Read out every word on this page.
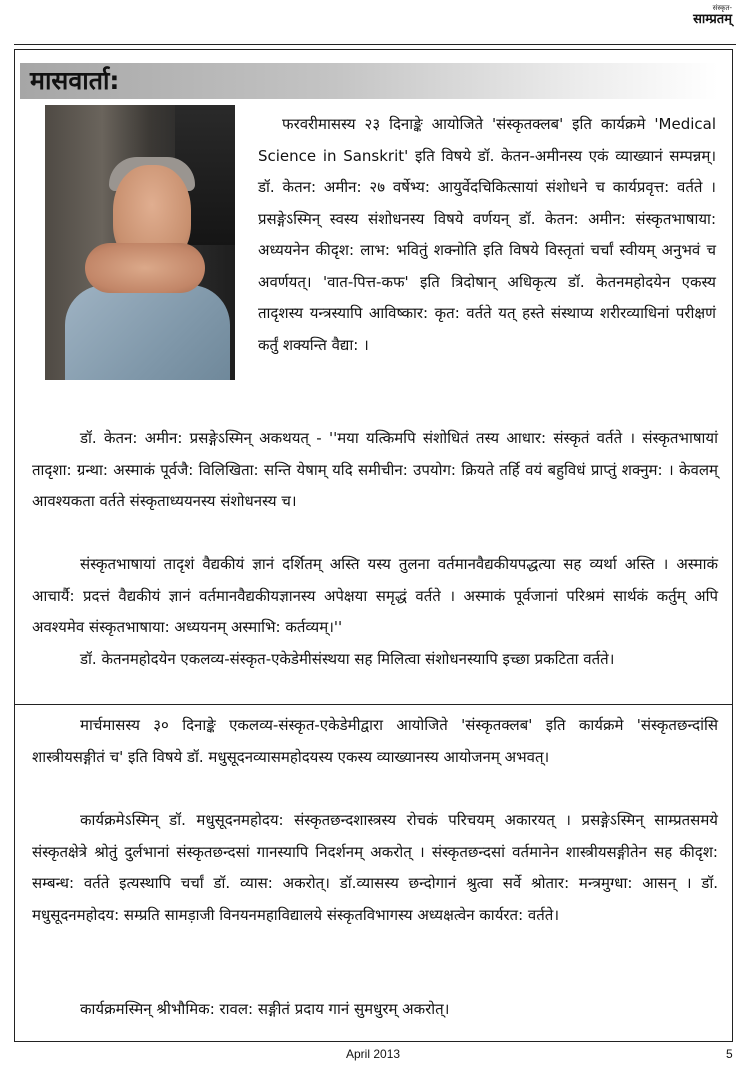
संस्कृत-
साम्प्रतम्
मासवार्ता:

फरवरीमासस्य २३ दिनाङ्के आयोजिते 'संस्कृतक्लब' इति कार्यक्रमे 'Medical Science in Sanskrit' इति विषये डॉ. केतन-अमीनस्य एकं व्याख्यानं सम्पन्नम्। डॉ. केतन: अमीन: २७ वर्षेभ्य: आयुर्वेदचिकित्सायां संशोधने च कार्यप्रवृत्त: वर्तते । प्रसङ्गेऽस्मिन् स्वस्य संशोधनस्य विषये वर्णयन् डॉ. केतन: अमीन: संस्कृतभाषाया: अध्ययनेन कीदृश: लाभ: भवितुं शक्नोति इति विषये विस्तृतां चर्चां स्वीयम् अनुभवं च अवर्णयत्। 'वात-पित्त-कफ' इति त्रिदोषान् अधिकृत्य डॉ. केतनमहोदयेन एकस्य तादृशस्य यन्त्रस्यापि आविष्कार: कृत: वर्तते यत् हस्ते संस्थाप्य शरीरव्याधिनां परीक्षणं कर्तुं शक्यन्ति वैद्या: ।

डॉ. केतन: अमीन: प्रसङ्गेऽस्मिन् अकथयत् - ''मया यत्किमपि संशोधितं तस्य आधार: संस्कृतं वर्तते । संस्कृतभाषायां तादृशा: ग्रन्था: अस्माकं पूर्वजै: विलिखिता: सन्ति येषाम् यदि समीचीन: उपयोग: क्रियते तर्हि वयं बहुविधं प्राप्तुं शक्नुम: । केवलम् आवश्यकता वर्तते संस्कृताध्ययनस्य संशोधनस्य च।

संस्कृतभाषायां तादृशं वैद्यकीयं ज्ञानं दर्शितम् अस्ति यस्य तुलना वर्तमानवैद्यकीयपद्धत्या सह व्यर्था अस्ति । अस्माकं आचार्यै: प्रदत्तं वैद्यकीयं ज्ञानं वर्तमानवैद्यकीयज्ञानस्य अपेक्षया समृद्धं वर्तते । अस्माकं पूर्वजानां परिश्रमं सार्थकं कर्तुम् अपि अवश्यमेव संस्कृतभाषाया: अध्ययनम् अस्माभि: कर्तव्यम्।''

डॉ. केतनमहोदयेन एकलव्य-संस्कृत-एकेडेमीसंस्थया सह मिलित्वा संशोधनस्यापि इच्छा प्रकटिता वर्तते।

मार्चमासस्य ३० दिनाङ्के एकलव्य-संस्कृत-एकेडेमीद्वारा आयोजिते 'संस्कृतक्लब' इति कार्यक्रमे 'संस्कृतछन्दांसि शास्त्रीयसङ्गीतं च' इति विषये डॉ. मधुसूदनव्यासमहोदयस्य एकस्य व्याख्यानस्य आयोजनम् अभवत्।

कार्यक्रमेऽस्मिन् डॉ. मधुसूदनमहोदय: संस्कृतछन्दशास्त्रस्य रोचकं परिचयम् अकारयत् । प्रसङ्गेऽस्मिन् साम्प्रतसमये संस्कृतक्षेत्रे श्रोतुं दुर्लभानां संस्कृतछन्दसां गानस्यापि निदर्शनम् अकरोत् । संस्कृतछन्दसां वर्तमानेन शास्त्रीयसङ्गीतेन सह कीदृश: सम्बन्ध: वर्तते इत्यस्थापि चर्चां डॉ. व्यास: अकरोत्। डॉ.व्यासस्य छन्दोगानं श्रुत्वा सर्वे श्रोतार: मन्त्रमुग्धा: आसन् । डॉ. मधुसूदनमहोदय: सम्प्रति सामड़ाजी विनयनमहाविद्यालये संस्कृतविभागस्य अध्यक्षत्वेन कार्यरत: वर्तते।

कार्यक्रमस्मिन् श्रीभौमिक: रावल: सङ्गीतं प्रदाय गानं सुमधुरम् अकरोत्।

April 2013	5
